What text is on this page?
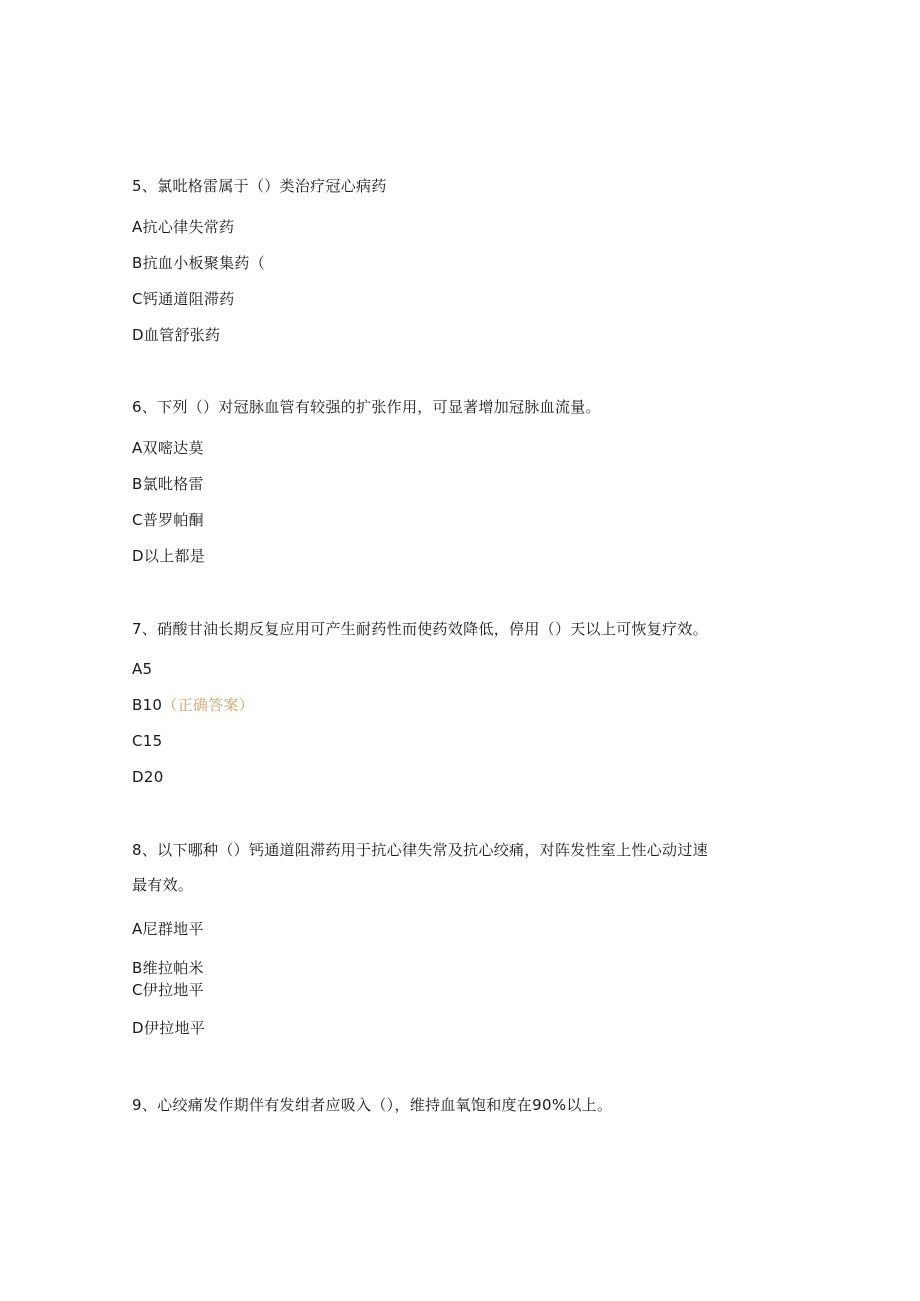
5、氯吡格雷属于（）类治疗冠心病药
A抗心律失常药
B抗血小板聚集药（
C钙通道阻滞药
D血管舒张药
6、下列（）对冠脉血管有较强的扩张作用，可显著增加冠脉血流量。
A双嘧达莫
B氯吡格雷
C普罗帕酮
D以上都是
7、硝酸甘油长期反复应用可产生耐药性而使药效降低，停用（）天以上可恢复疗效。
A5
B10（正确答案）
C15
D20
8、以下哪种（）钙通道阻滞药用于抗心律失常及抗心绞痛，对阵发性室上性心动过速
最有效。
A尼群地平
B维拉帕米
C伊拉地平
D伊拉地平
9、心绞痛发作期伴有发绀者应吸入（），维持血氧饱和度在90%以上。
